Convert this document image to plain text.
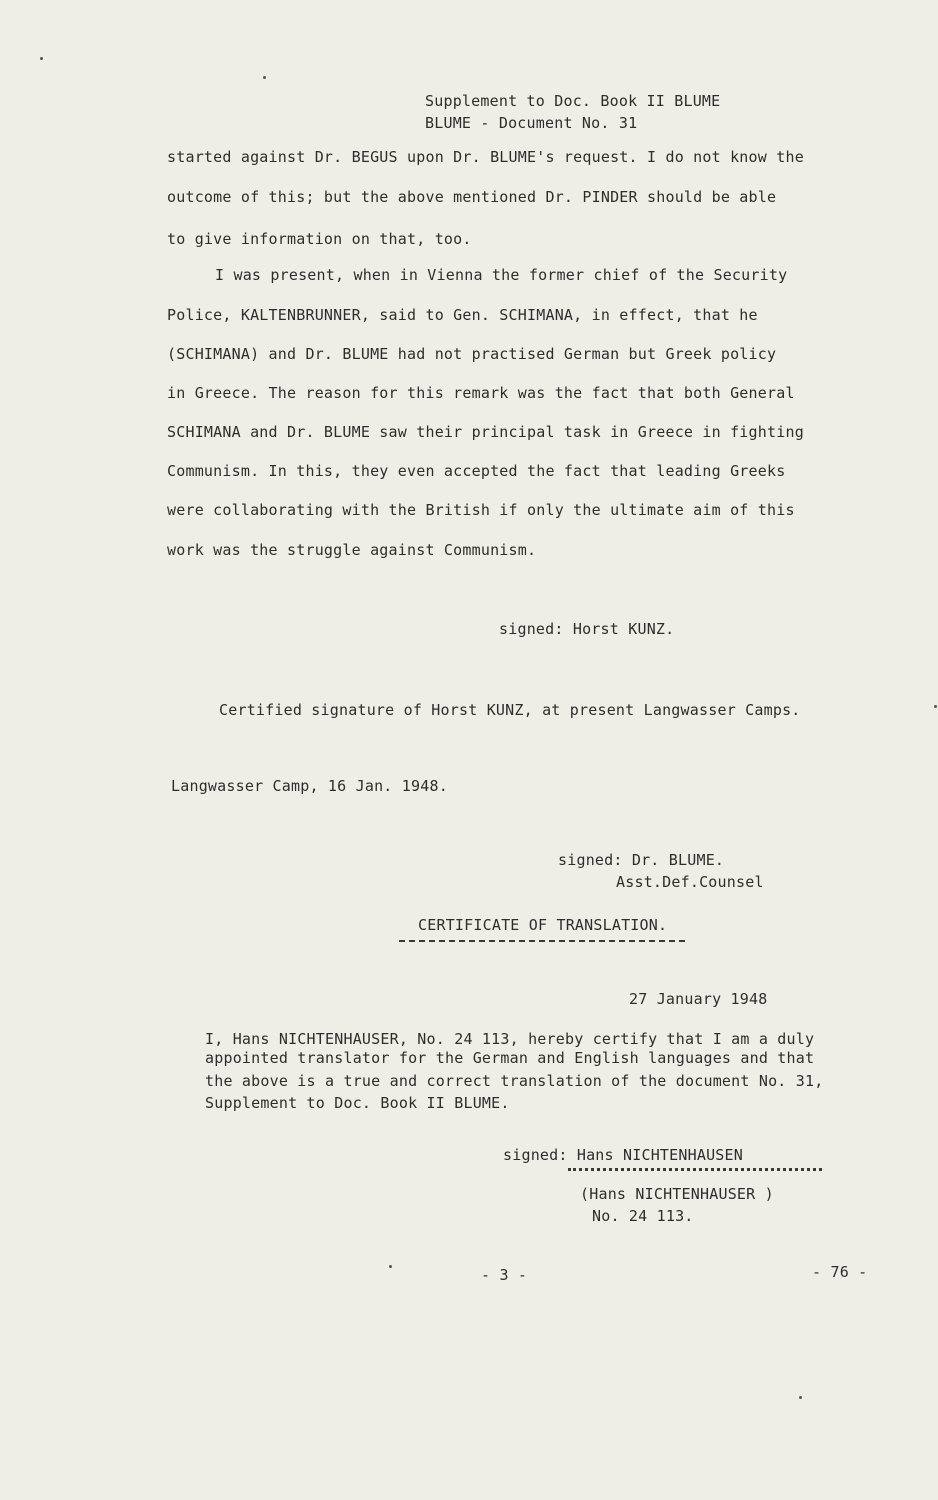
Supplement to Doc. Book II BLUME
BLUME - Document No. 31
started against Dr. BEGUS upon Dr. BLUME's request. I do not know the
outcome of this; but the above mentioned Dr. PINDER should be able
to give information on that, too.
I was present, when in Vienna the former chief of the Security
Police, KALTENBRUNNER, said to Gen. SCHIMANA, in effect, that he
(SCHIMANA) and Dr. BLUME had not practised German but Greek policy
in Greece. The reason for this remark was the fact that both General
SCHIMANA and Dr. BLUME saw their principal task in Greece in fighting
Communism. In this, they even accepted the fact that leading Greeks
were collaborating with the British if only the ultimate aim of this
work was the struggle against Communism.
signed: Horst KUNZ.
Certified signature of Horst KUNZ, at present Langwasser Camps.
Langwasser Camp, 16 Jan. 1948.
signed: Dr. BLUME.
Asst.Def.Counsel
CERTIFICATE OF TRANSLATION.
27 January 1948
I, Hans NICHTENHAUSER, No. 24 113, hereby certify that I am a duly
appointed translator for the German and English languages and that
the above is a true and correct translation of the document No. 31,
Supplement to Doc. Book II BLUME.
signed: Hans NICHTENHAUSEN
(Hans NICHTENHAUSER )
No. 24 113.
- 3 -	- 76 -
